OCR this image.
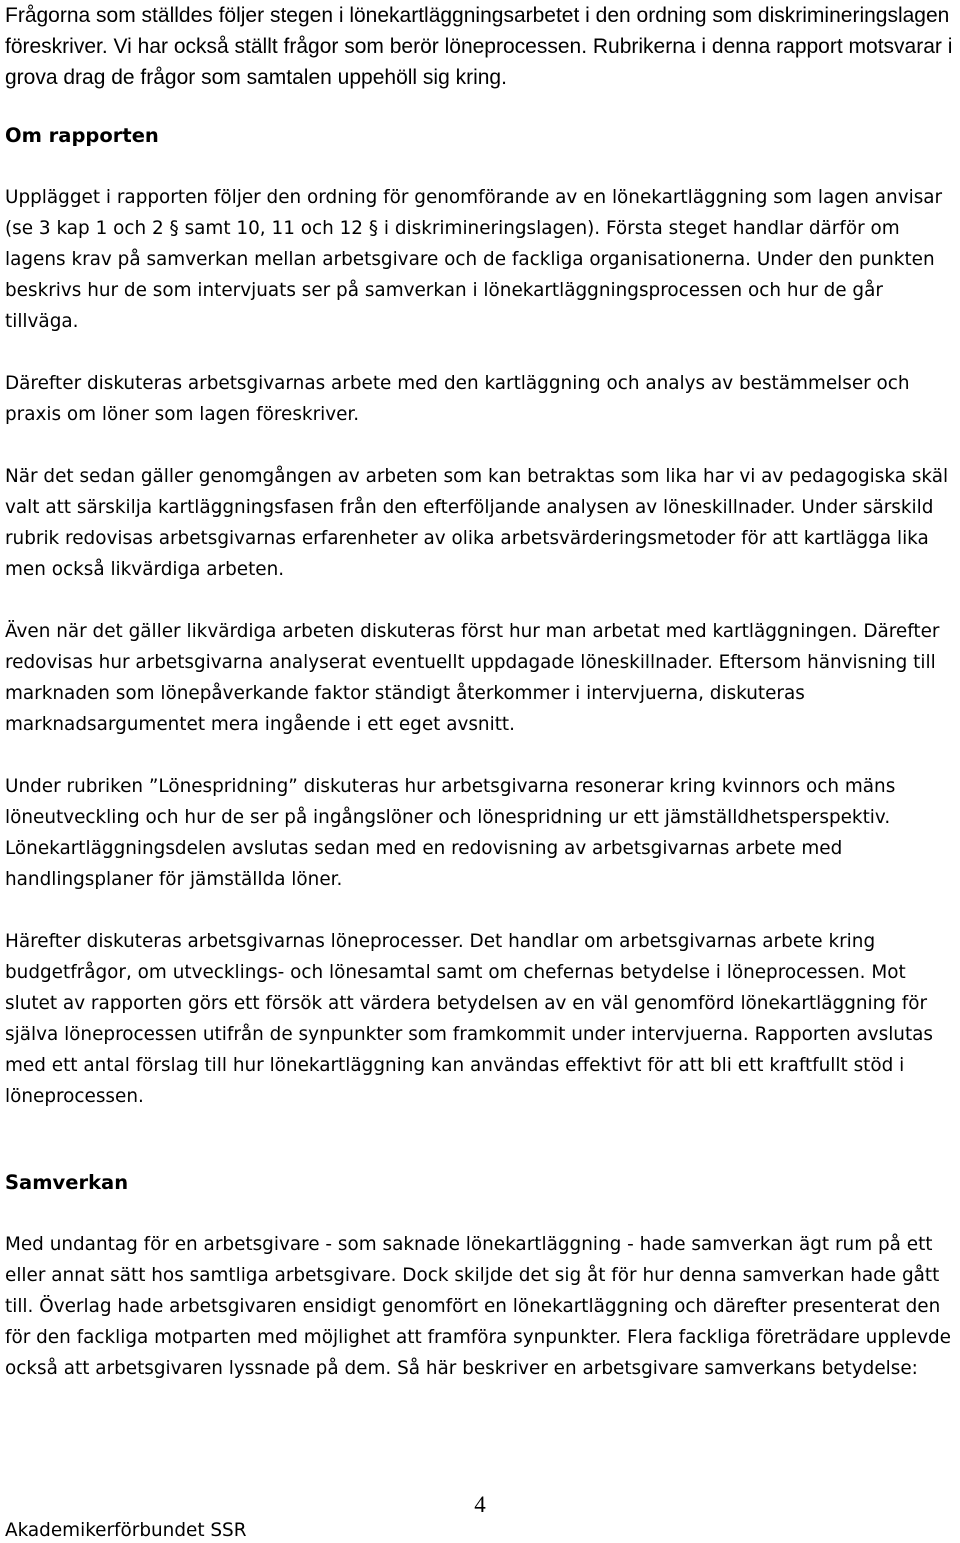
Frågorna som ställdes följer stegen i lönekartläggningsarbetet i den ordning som diskrimineringslagen föreskriver. Vi har också ställt frågor som berör löneprocessen. Rubrikerna i denna rapport motsvarar i grova drag de frågor som samtalen uppehöll sig kring.

Om rapporten

Upplägget i rapporten följer den ordning för genomförande av en lönekartläggning som lagen anvisar (se 3 kap 1 och 2 § samt 10, 11 och 12 § i diskrimineringslagen). Första steget handlar därför om lagens krav på samverkan mellan arbetsgivare och de fackliga organisationerna. Under den punkten beskrivs hur de som intervjuats ser på samverkan i lönekartläggningsprocessen och hur de går tillväga.

Därefter diskuteras arbetsgivarnas arbete med den kartläggning och analys av bestämmelser och praxis om löner som lagen föreskriver.

När det sedan gäller genomgången av arbeten som kan betraktas som lika har vi av pedagogiska skäl valt att särskilja kartläggningsfasen från den efterföljande analysen av löneskillnader. Under särskild rubrik redovisas arbetsgivarnas erfarenheter av olika arbetsvärderingsmetoder för att kartlägga lika men också likvärdiga arbeten.

Även när det gäller likvärdiga arbeten diskuteras först hur man arbetat med kartläggningen. Därefter redovisas hur arbetsgivarna analyserat eventuellt uppdagade löneskillnader. Eftersom hänvisning till marknaden som lönepåverkande faktor ständigt återkommer i intervjuerna, diskuteras marknadsargumentet mera ingående i ett eget avsnitt.

Under rubriken ”Lönespridning” diskuteras hur arbetsgivarna resonerar kring kvinnors och mäns löneutveckling och hur de ser på ingångslöner och lönespridning ur ett jämställdhetsperspektiv. Lönekartläggningsdelen avslutas sedan med en redovisning av arbetsgivarnas arbete med handlingsplaner för jämställda löner.

Härefter diskuteras arbetsgivarnas löneprocesser. Det handlar om arbetsgivarnas arbete kring budgetfrågor, om utvecklings- och lönesamtal samt om chefernas betydelse i löneprocessen. Mot slutet av rapporten görs ett försök att värdera betydelsen av en väl genomförd lönekartläggning för själva löneprocessen utifrån de synpunkter som framkommit under intervjuerna. Rapporten avslutas med ett antal förslag till hur lönekartläggning kan användas effektivt för att bli ett kraftfullt stöd i löneprocessen.

Samverkan

Med undantag för en arbetsgivare - som saknade lönekartläggning - hade samverkan ägt rum på ett eller annat sätt hos samtliga arbetsgivare. Dock skiljde det sig åt för hur denna samverkan hade gått till. Överlag hade arbetsgivaren ensidigt genomfört en lönekartläggning och därefter presenterat den för den fackliga motparten med möjlighet att framföra synpunkter. Flera fackliga företrädare upplevde också att arbetsgivaren lyssnade på dem. Så här beskriver en arbetsgivare samverkans betydelse:

4

Akademikerförbundet SSR
